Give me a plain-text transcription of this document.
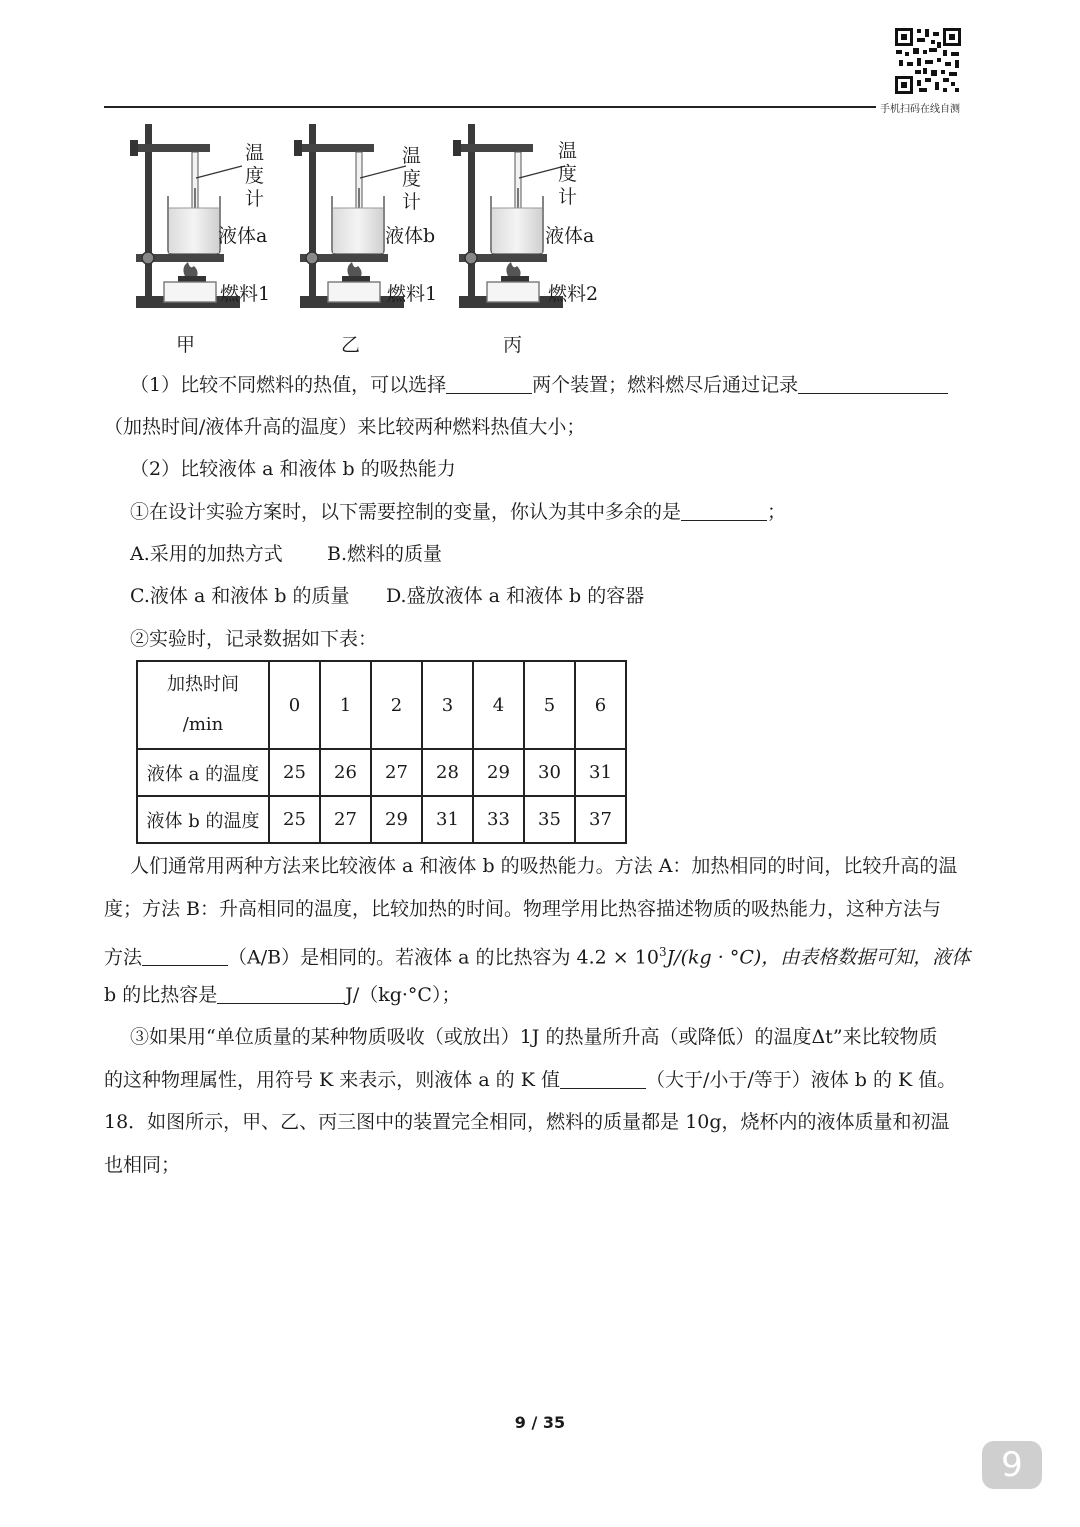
手机扫码在线自测
温
度
计
液体a
燃料1
甲
温
度
计
液体b
燃料1
乙
温
度
计
液体a
燃料2
丙
（1）比较不同燃料的热值，可以选择	两个装置；燃料燃尽后通过记录
（加热时间/液体升高的温度）来比较两种燃料热值大小；
（2）比较液体 a 和液体 b 的吸热能力
①在设计实验方案时，以下需要控制的变量，你认为其中多余的是	；
A.采用的加热方式 B.燃料的质量
C.液体 a 和液体 b 的质量 D.盛放液体 a 和液体 b 的容器
②实验时，记录数据如下表：
加热时间
/min	0	1	2	3	4	5	6
液体 a 的温度	25	26	27	28	29	30	31
液体 b 的温度	25	27	29	31	33	35	37
人们通常用两种方法来比较液体 a 和液体 b 的吸热能力。方法 A：加热相同的时间，比较升高的温
度；方法 B：升高相同的温度，比较加热的时间。物理学用比热容描述物质的吸热能力，这种方法与
方法	（A/B）是相同的。若液体 a 的比热容为 $4.2 \times 10^3J/(kg \cdot ^\circ C)$，由表格数据可知，液体
b 的比热容是	J/（kg·°C）；
③如果用“单位质量的某种物质吸收（或放出）1J 的热量所升高（或降低）的温度Δt”来比较物质
的这种物理属性，用符号 K 来表示，则液体 a 的 K 值	（大于/小于/等于）液体 b 的 K 值。
18．如图所示，甲、乙、丙三图中的装置完全相同，燃料的质量都是 10g，烧杯内的液体质量和初温
也相同；
9 / 35
9
